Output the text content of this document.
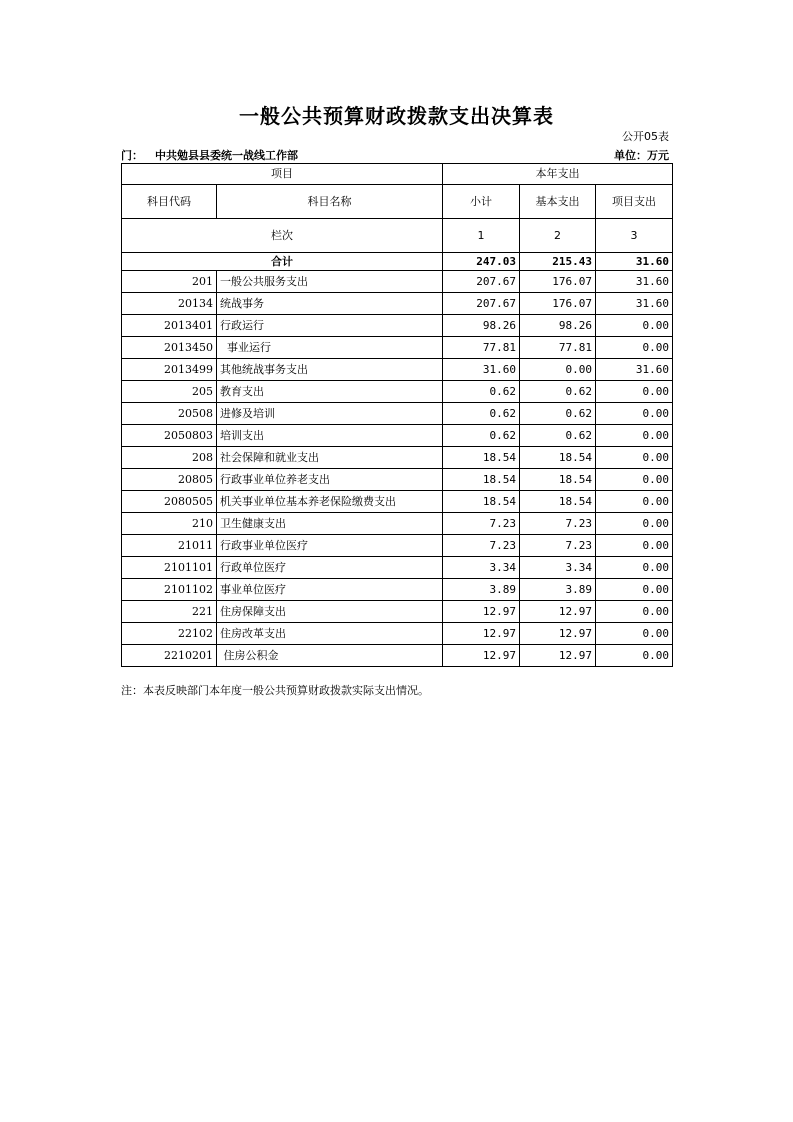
一般公共预算财政拨款支出决算表
公开05表
门： 中共勉县县委统一战线工作部	单位：万元
项目		本年支出		
科目代码	科目名称	小计	基本支出	项目支出
栏次		1	2	3
合计		247.03	215.43	31.60
201	一般公共服务支出	207.67	176.07	31.60
20134	统战事务	207.67	176.07	31.60
2013401	行政运行	98.26	98.26	0.00
2013450	事业运行	77.81	77.81	0.00
2013499	其他统战事务支出	31.60	0.00	31.60
205	教育支出	0.62	0.62	0.00
20508	进修及培训	0.62	0.62	0.00
2050803	培训支出	0.62	0.62	0.00
208	社会保障和就业支出	18.54	18.54	0.00
20805	行政事业单位养老支出	18.54	18.54	0.00
2080505	机关事业单位基本养老保险缴费支出	18.54	18.54	0.00
210	卫生健康支出	7.23	7.23	0.00
21011	行政事业单位医疗	7.23	7.23	0.00
2101101	行政单位医疗	3.34	3.34	0.00
2101102	事业单位医疗	3.89	3.89	0.00
221	住房保障支出	12.97	12.97	0.00
22102	住房改革支出	12.97	12.97	0.00
2210201	住房公积金	12.97	12.97	0.00
注：本表反映部门本年度一般公共预算财政拨款实际支出情况。
